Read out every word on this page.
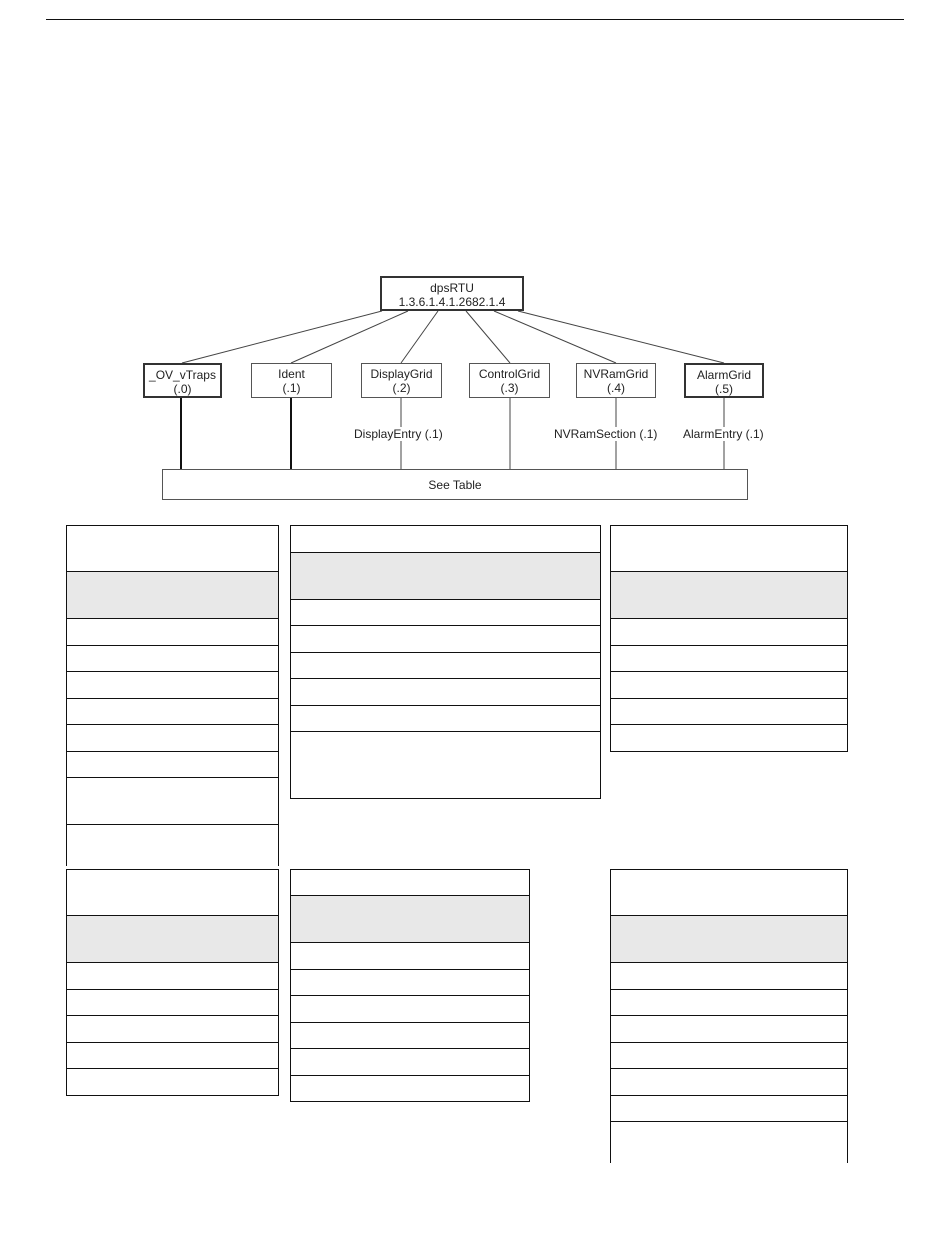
dpsRTU
1.3.6.1.4.1.2682.1.4
_OV_vTraps
(.0)
Ident
(.1)
DisplayGrid
(.2)
ControlGrid
(.3)
NVRamGrid
(.4)
AlarmGrid
(.5)
DisplayEntry (.1)	NVRamSection (.1) AlarmEntry (.1)
See Table
